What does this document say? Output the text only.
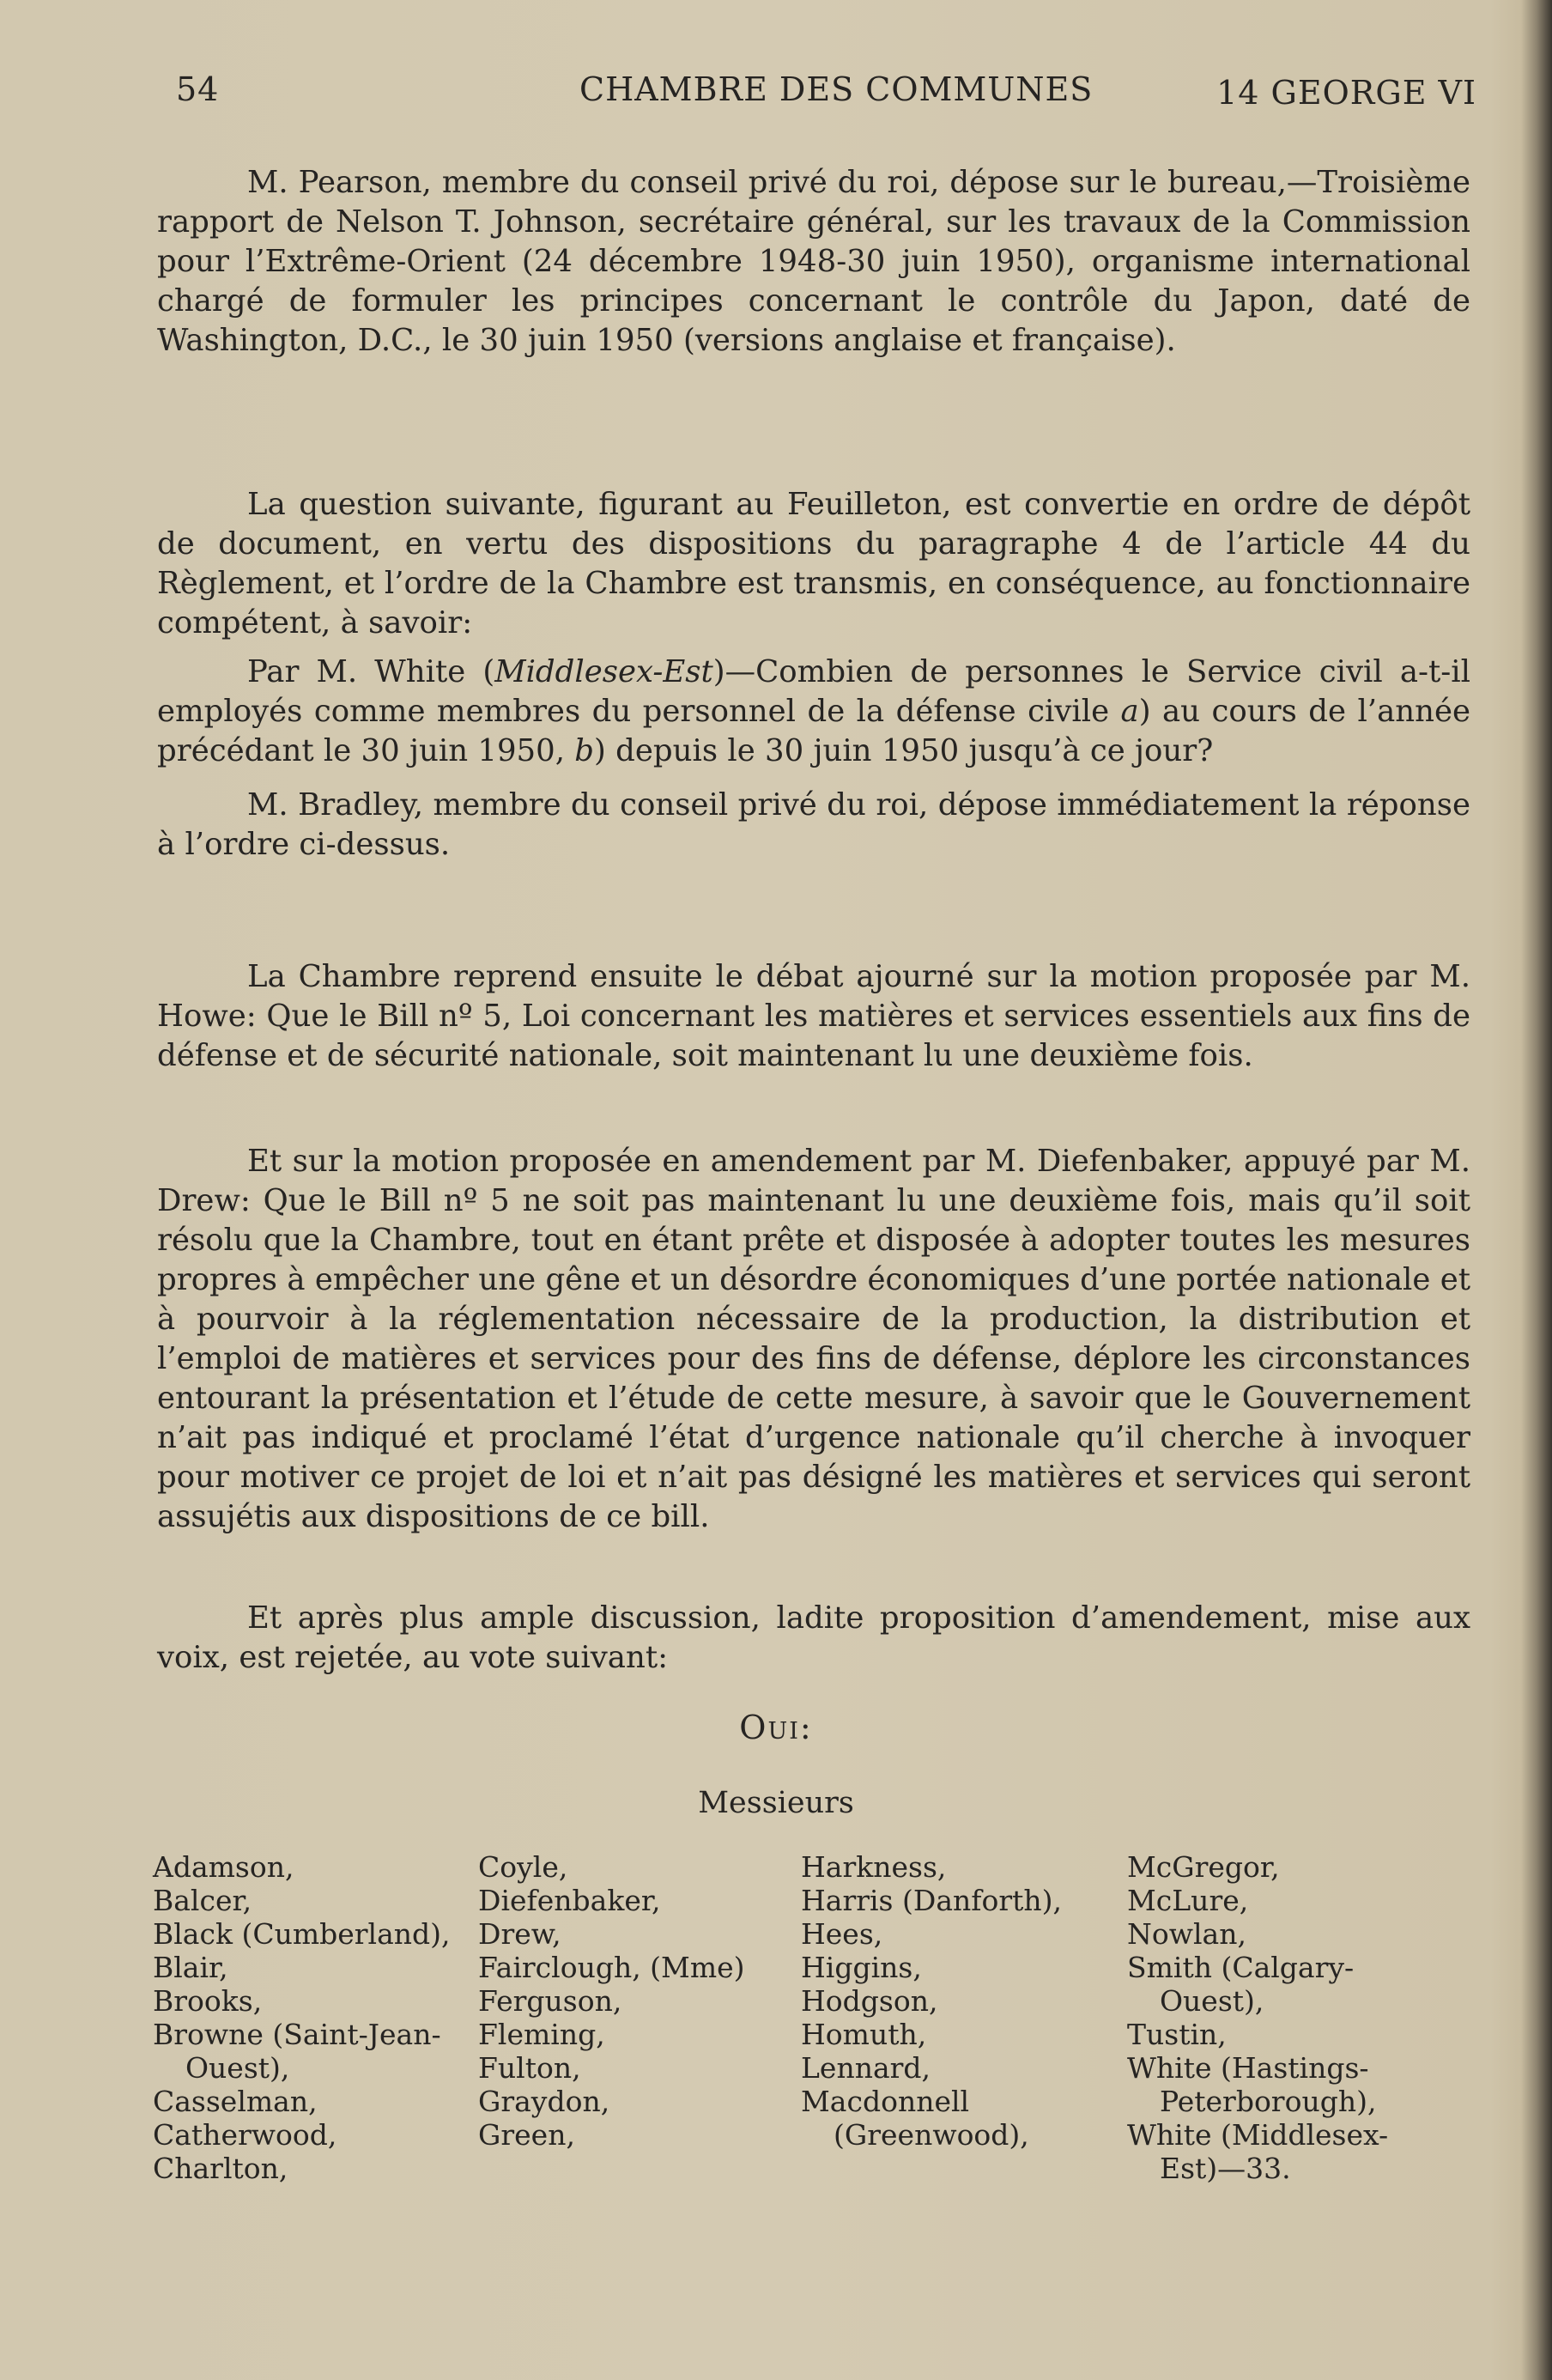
54	CHAMBRE DES COMMUNES	14 GEORGE VI

M. Pearson, membre du conseil privé du roi, dépose sur le bureau,—Troisième rapport de Nelson T. Johnson, secrétaire général, sur les travaux de la Commission pour l’Extrême-Orient (24 décembre 1948-30 juin 1950), organisme international chargé de formuler les principes concernant le contrôle du Japon, daté de Washington, D.C., le 30 juin 1950 (versions anglaise et française).

La question suivante, figurant au Feuilleton, est convertie en ordre de dépôt de document, en vertu des dispositions du paragraphe 4 de l’article 44 du Règlement, et l’ordre de la Chambre est transmis, en conséquence, au fonctionnaire compétent, à savoir:

Par M. White (Middlesex-Est)—Combien de personnes le Service civil a-t-il employés comme membres du personnel de la défense civile a) au cours de l’année précédant le 30 juin 1950, b) depuis le 30 juin 1950 jusqu’à ce jour?

M. Bradley, membre du conseil privé du roi, dépose immédiatement la réponse à l’ordre ci-dessus.

La Chambre reprend ensuite le débat ajourné sur la motion proposée par M. Howe: Que le Bill nº 5, Loi concernant les matières et services essentiels aux fins de défense et de sécurité nationale, soit maintenant lu une deuxième fois.

Et sur la motion proposée en amendement par M. Diefenbaker, appuyé par M. Drew: Que le Bill nº 5 ne soit pas maintenant lu une deuxième fois, mais qu’il soit résolu que la Chambre, tout en étant prête et disposée à adopter toutes les mesures propres à empêcher une gêne et un désordre économiques d’une portée nationale et à pourvoir à la réglementation nécessaire de la production, la distribution et l’emploi de matières et services pour des fins de défense, déplore les circonstances entourant la présentation et l’étude de cette mesure, à savoir que le Gouvernement n’ait pas indiqué et proclamé l’état d’urgence nationale qu’il cherche à invoquer pour motiver ce projet de loi et n’ait pas désigné les matières et services qui seront assujétis aux dispositions de ce bill.

Et après plus ample discussion, ladite proposition d’amendement, mise aux voix, est rejetée, au vote suivant:

Oui:
Messieurs
Adamson,
Balcer,
Black (Cumberland),
Blair,
Brooks,
Browne (Saint-Jean-
Ouest),
Casselman,
Catherwood,
Charlton,
Coyle,
Diefenbaker,
Drew,
Fairclough, (Mme)
Ferguson,
Fleming,
Fulton,
Graydon,
Green,
Harkness,
Harris (Danforth),
Hees,
Higgins,
Hodgson,
Homuth,
Lennard,
Macdonnell
(Greenwood),
McGregor,
McLure,
Nowlan,
Smith (Calgary-
Ouest),
Tustin,
White (Hastings-
Peterborough),
White (Middlesex-
Est)—33.
